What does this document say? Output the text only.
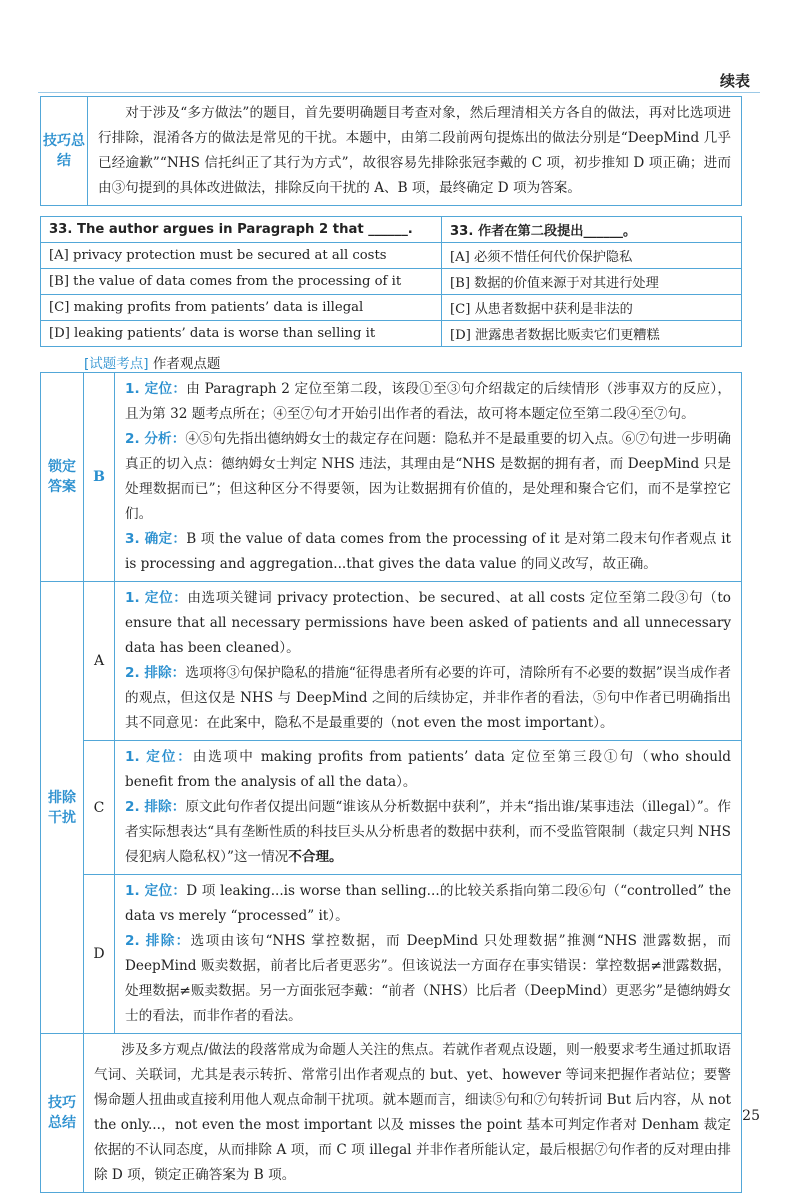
续表
技巧总结	对于涉及“多方做法”的题目，首先要明确题目考查对象，然后理清相关方各自的做法，再对比选项进行排除，混淆各方的做法是常见的干扰。本题中，由第二段前两句提炼出的做法分别是“DeepMind 几乎已经逾歉”“NHS 信托纠正了其行为方式”，故很容易先排除张冠李戴的 C 项，初步推知 D 项正确；进而由③句提到的具体改进做法，排除反向干扰的 A、B 项，最终确定 D 项为答案。
33. The author argues in Paragraph 2 that ______.	33. 作者在第二段提出______。
[A] privacy protection must be secured at all costs	[A] 必须不惜任何代价保护隐私
[B] the value of data comes from the processing of it	[B] 数据的价值来源于对其进行处理
[C] making profits from patients’ data is illegal	[C] 从患者数据中获利是非法的
[D] leaking patients’ data is worse than selling it	[D] 泄露患者数据比贩卖它们更糟糕
[试题考点] 作者观点题
锁定答案	B	1. 定位：由 Paragraph 2 定位至第二段，该段①至③句介绍裁定的后续情形（涉事双方的反应），且为第 32 题考点所在；④至⑦句才开始引出作者的看法，故可将本题定位至第二段④至⑦句。
2. 分析：④⑤句先指出德纳姆女士的裁定存在问题：隐私并不是最重要的切入点。⑥⑦句进一步明确真正的切入点：德纳姆女士判定 NHS 违法，其理由是“NHS 是数据的拥有者，而 DeepMind 只是处理数据而已”；但这种区分不得要领，因为让数据拥有价值的，是处理和聚合它们，而不是掌控它们。
3. 确定：B 项 the value of data comes from the processing of it 是对第二段末句作者观点 it is processing and aggregation...that gives the data value 的同义改写，故正确。

排除干扰	A	1. 定位：由选项关键词 privacy protection、be secured、at all costs 定位至第二段③句（to ensure that all necessary permissions have been asked of patients and all unnecessary data has been cleaned）。
2. 排除：选项将③句保护隐私的措施“征得患者所有必要的许可，清除所有不必要的数据”误当成作者的观点，但这仅是 NHS 与 DeepMind 之间的后续协定，并非作者的看法，⑤句中作者已明确指出其不同意见：在此案中，隐私不是最重要的（not even the most important）。

	C	1. 定位：由选项中 making profits from patients’ data 定位至第三段①句（who should benefit from the analysis of all the data）。
2. 排除：原文此句作者仅提出问题“谁该从分析数据中获利”，并未“指出谁/某事违法（illegal）”。作者实际想表达“具有垄断性质的科技巨头从分析患者的数据中获利，而不受监管限制（裁定只判 NHS 侵犯病人隐私权）”这一情况不合理。

	D	1. 定位：D 项 leaking...is worse than selling...的比较关系指向第二段⑥句（“controlled” the data vs merely “processed” it）。
2. 排除：选项由该句“NHS 掌控数据，而 DeepMind 只处理数据”推测“NHS 泄露数据，而 DeepMind 贩卖数据，前者比后者更恶劣”。但该说法一方面存在事实错误：掌控数据≠泄露数据，处理数据≠贩卖数据。另一方面张冠李戴：“前者（NHS）比后者（DeepMind）更恶劣”是德纳姆女士的看法，而非作者的看法。

技巧总结	涉及多方观点/做法的段落常成为命题人关注的焦点。若就作者观点设题，则一般要求考生通过抓取语气词、关联词，尤其是表示转折、常常引出作者观点的 but、yet、however 等词来把握作者站位；要警惕命题人扭曲或直接利用他人观点命制干扰项。就本题而言，细读⑤句和⑦句转折词 But 后内容，从 not the only...，not even the most important 以及 misses the point 基本可判定作者对 Denham 裁定依据的不认同态度，从而排除 A 项，而 C 项 illegal 并非作者所能认定，最后根据⑦句作者的反对理由排除 D 项，锁定正确答案为 B 项。	
25
